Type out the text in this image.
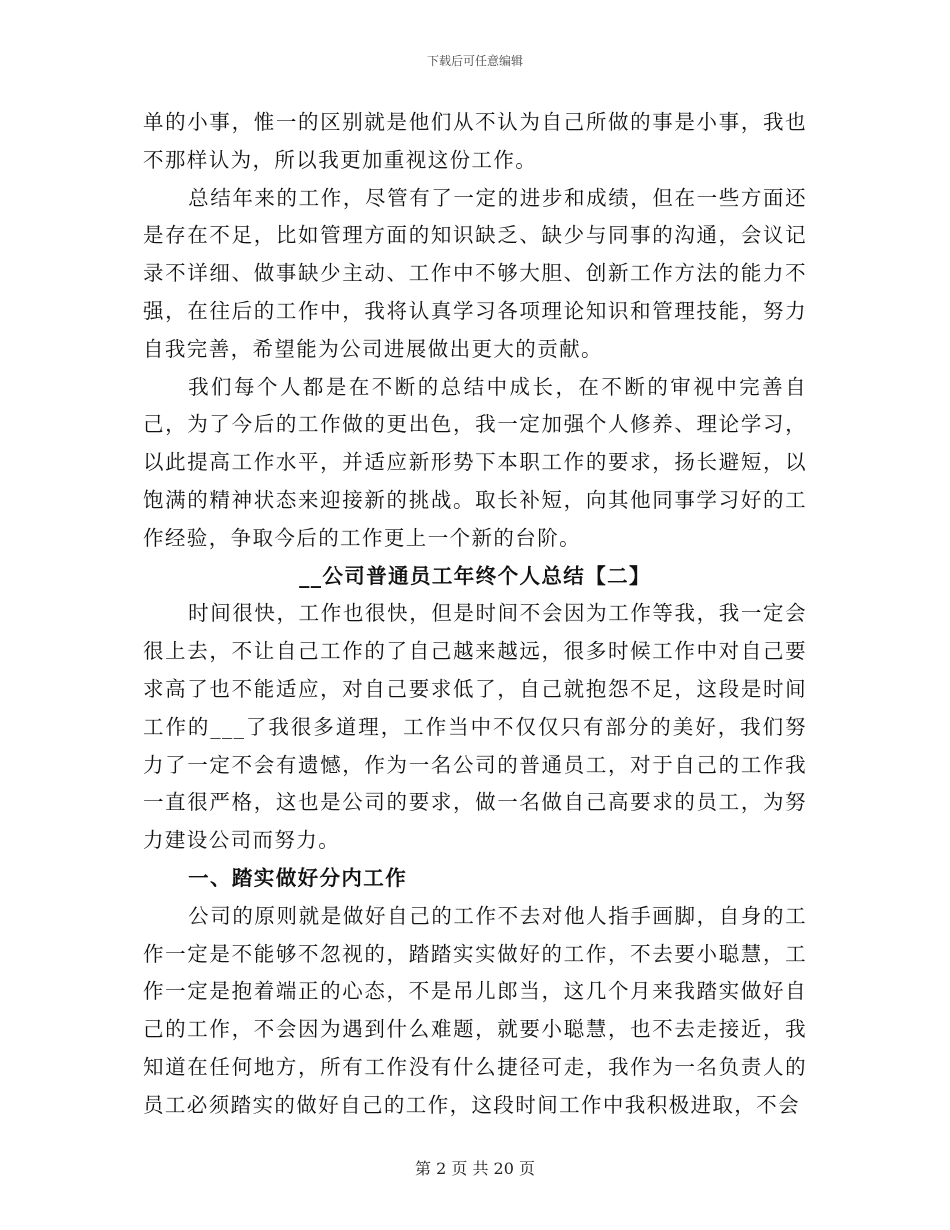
下载后可任意编辑

单的小事，惟一的区别就是他们从不认为自己所做的事是小事，我也不那样认为，所以我更加重视这份工作。

总结年来的工作，尽管有了一定的进步和成绩，但在一些方面还是存在不足，比如管理方面的知识缺乏、缺少与同事的沟通，会议记录不详细、做事缺少主动、工作中不够大胆、创新工作方法的能力不强，在往后的工作中，我将认真学习各项理论知识和管理技能，努力自我完善，希望能为公司进展做出更大的贡献。

我们每个人都是在不断的总结中成长，在不断的审视中完善自己，为了今后的工作做的更出色，我一定加强个人修养、理论学习，以此提高工作水平，并适应新形势下本职工作的要求，扬长避短，以饱满的精神状态来迎接新的挑战。取长补短，向其他同事学习好的工作经验，争取今后的工作更上一个新的台阶。

__公司普通员工年终个人总结【二】

时间很快，工作也很快，但是时间不会因为工作等我，我一定会很上去，不让自己工作的了自己越来越远，很多时候工作中对自己要求高了也不能适应，对自己要求低了，自己就抱怨不足，这段是时间工作的___了我很多道理，工作当中不仅仅只有部分的美好，我们努力了一定不会有遗憾，作为一名公司的普通员工，对于自己的工作我一直很严格，这也是公司的要求，做一名做自己高要求的员工，为努力建设公司而努力。

一、踏实做好分内工作

公司的原则就是做好自己的工作不去对他人指手画脚，自身的工作一定是不能够不忽视的，踏踏实实做好的工作，不去要小聪慧，工作一定是抱着端正的心态，不是吊儿郎当，这几个月来我踏实做好自己的工作，不会因为遇到什么难题，就要小聪慧，也不去走接近，我知道在任何地方，所有工作没有什么捷径可走，我作为一名负责人的员工必须踏实的做好自己的工作，这段时间工作中我积极进取，不会

第 2 页 共 20 页
